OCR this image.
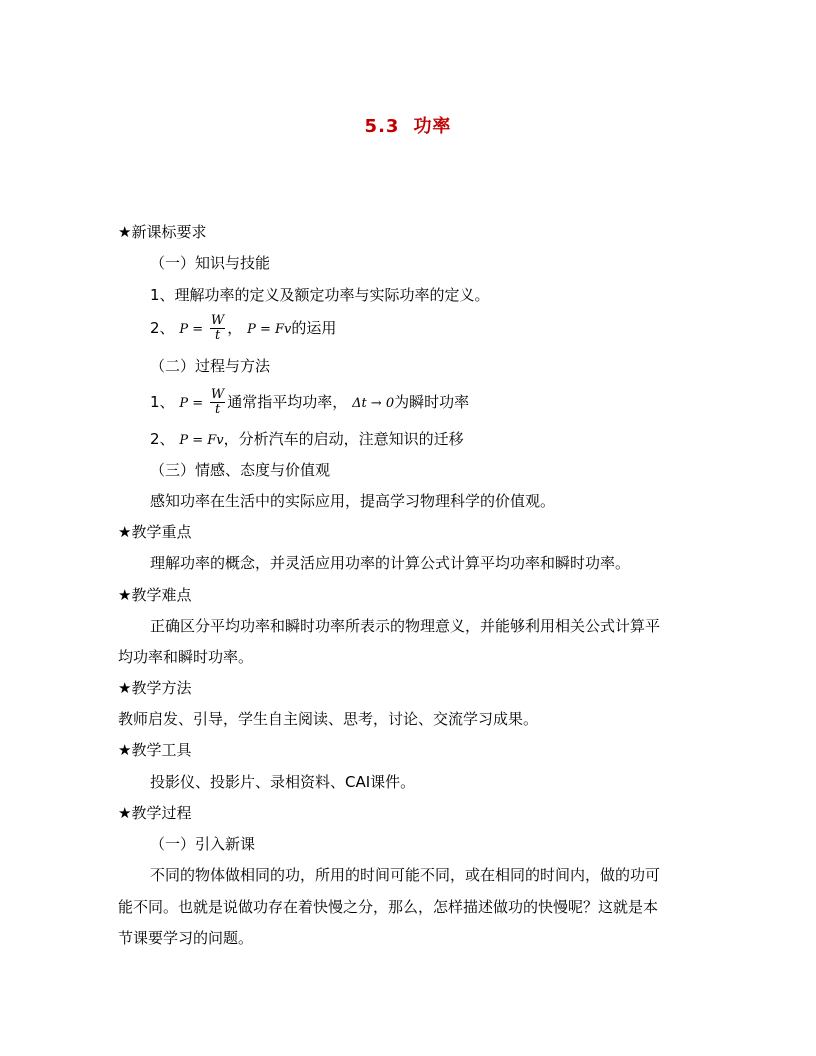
5.3 功率
★新课标要求
（一）知识与技能
1、理解功率的定义及额定功率与实际功率的定义。
2、 $P = \frac{W}{t}$ ， P = Fv的运用
（二）过程与方法
1、 $P = \frac{W}{t}$ 通常指平均功率， Δt → 0为瞬时功率
2、 P = Fv，分析汽车的启动，注意知识的迁移
（三）情感、态度与价值观
感知功率在生活中的实际应用，提高学习物理科学的价值观。
★教学重点
理解功率的概念，并灵活应用功率的计算公式计算平均功率和瞬时功率。
★教学难点
正确区分平均功率和瞬时功率所表示的物理意义，并能够利用相关公式计算平
均功率和瞬时功率。
★教学方法
教师启发、引导，学生自主阅读、思考，讨论、交流学习成果。
★教学工具
投影仪、投影片、录相资料、CAI课件。
★教学过程
（一）引入新课
不同的物体做相同的功，所用的时间可能不同，或在相同的时间内，做的功可
能不同。也就是说做功存在着快慢之分，那么，怎样描述做功的快慢呢？这就是本
节课要学习的问题。
